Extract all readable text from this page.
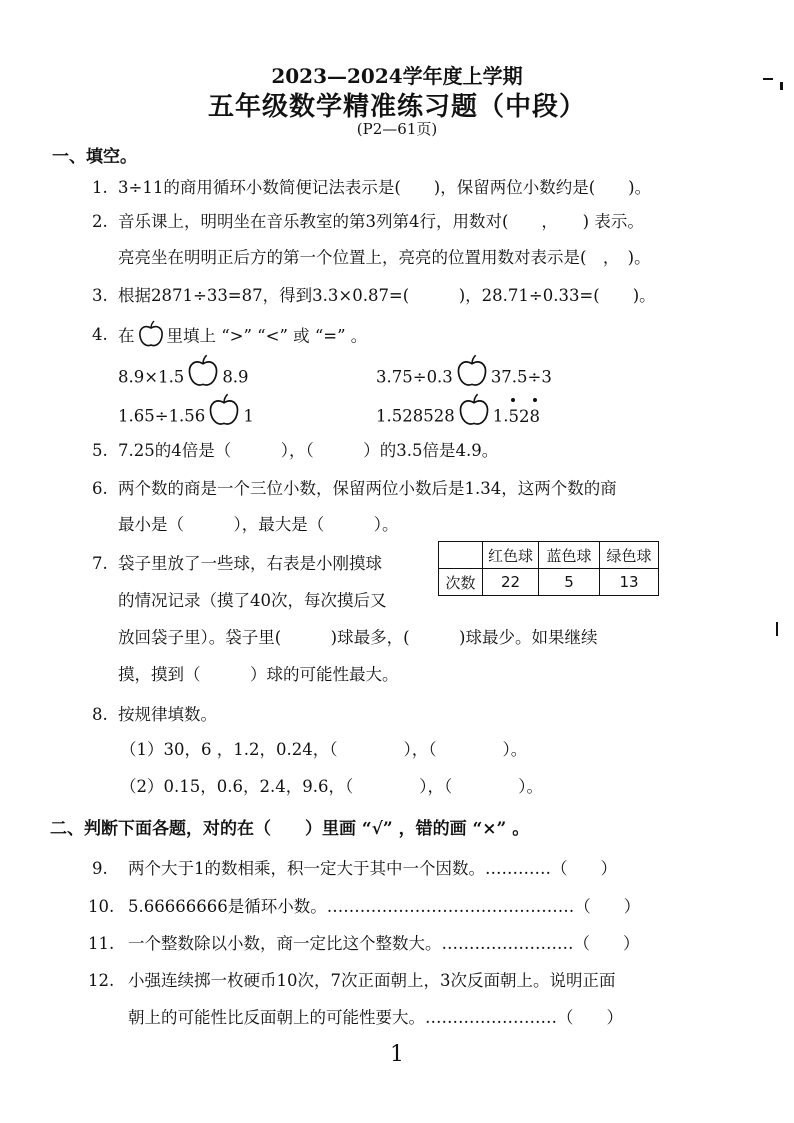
2023—2024学年度上学期
五年级数学精准练习题（中段）
(P2—61页)
一、填空。
1. 3÷11的商用循环小数简便记法表示是(　　)，保留两位小数约是(　　)。
2. 音乐课上，明明坐在音乐教室的第3列第4行，用数对(　　，　　) 表示。
亮亮坐在明明正后方的第一个位置上，亮亮的位置用数对表示是(　，　)。
3. 根据2871÷33=87，得到3.3×0.87=(　　　)，28.71÷0.33=(　　)。
4. 在 里填上 “>” “<” 或 “=” 。
8.9×1.5 8.9	3.75÷0.3 37.5÷3
1.65÷1.56 1	1.528528 1.528
5. 7.25的4倍是（　　　），（　　　）的3.5倍是4.9。
6. 两个数的商是一个三位小数，保留两位小数后是1.34，这两个数的商
最小是（　　　），最大是（　　　）。
7. 袋子里放了一些球，右表是小刚摸球
的情况记录（摸了40次，每次摸后又
放回袋子里）。袋子里(　　　)球最多，(　　　)球最少。如果继续
摸，摸到（　　　）球的可能性最大。
	红色球	蓝色球	绿色球
次数	22	5	13
8. 按规律填数。
（1）30，6 ，1.2，0.24，（　　　　），（　　　　）。
（2）0.15，0.6，2.4，9.6，（　　　　），（　　　　）。
二、判断下面各题，对的在（　　）里画 “√” ，错的画 “×” 。
9. 两个大于1的数相乘，积一定大于其中一个因数。…………（　　）
10. 5.66666666是循环小数。………………………………………（　　）
11. 一个整数除以小数，商一定比这个整数大。……………………（　　）
12. 小强连续掷一枚硬币10次，7次正面朝上，3次反面朝上。说明正面
朝上的可能性比反面朝上的可能性要大。……………………（　　）
1
